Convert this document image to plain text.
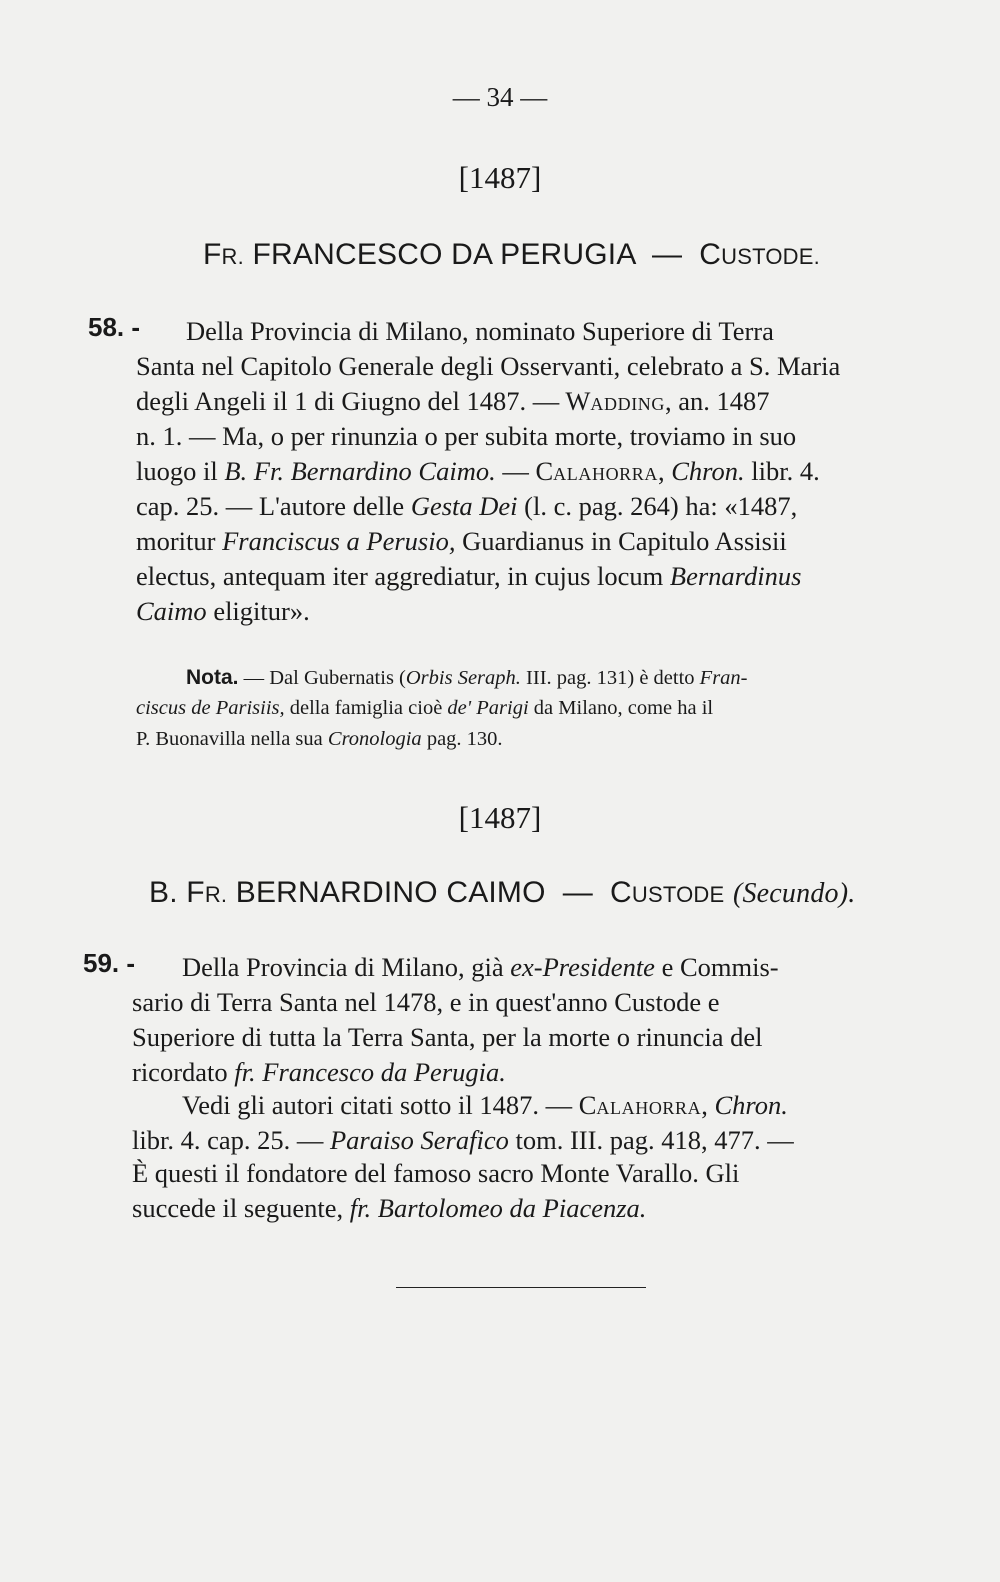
— 34 —
[1487]
FR. FRANCESCO DA PERUGIA — CUSTODE.
58. - Della Provincia di Milano, nominato Superiore di Terra
Santa nel Capitolo Generale degli Osservanti, celebrato a S. Maria
degli Angeli il 1 di Giugno del 1487. — WADDING, an. 1487
n. 1. — Ma, o per rinunzia o per subita morte, troviamo in suo
luogo il B. Fr. Bernardino Caimo. — CALAHORRA, Chron. libr. 4.
cap. 25. — L'autore delle Gesta Dei (l. c. pag. 264) ha: «1487,
moritur Franciscus a Perusio, Guardianus in Capitulo Assisii
electus, antequam iter aggrediatur, in cujus locum Bernardinus
Caimo eligitur».
Nota. — Dal Gubernatis (Orbis Seraph. III. pag. 131) è detto Fran-
ciscus de Parisiis, della famiglia cioè de' Parigi da Milano, come ha il
P. Buonavilla nella sua Cronologia pag. 130.
[1487]
B. FR. BERNARDINO CAIMO — CUSTODE (Secundo).
59. - Della Provincia di Milano, già ex-Presidente e Commis-
sario di Terra Santa nel 1478, e in quest'anno Custode e
Superiore di tutta la Terra Santa, per la morte o rinuncia del
ricordato fr. Francesco da Perugia.
Vedi gli autori citati sotto il 1487. — CALAHORRA, Chron.
libr. 4. cap. 25. — Paraiso Serafico tom. III. pag. 418, 477. —
È questi il fondatore del famoso sacro Monte Varallo. Gli
succede il seguente, fr. Bartolomeo da Piacenza.
